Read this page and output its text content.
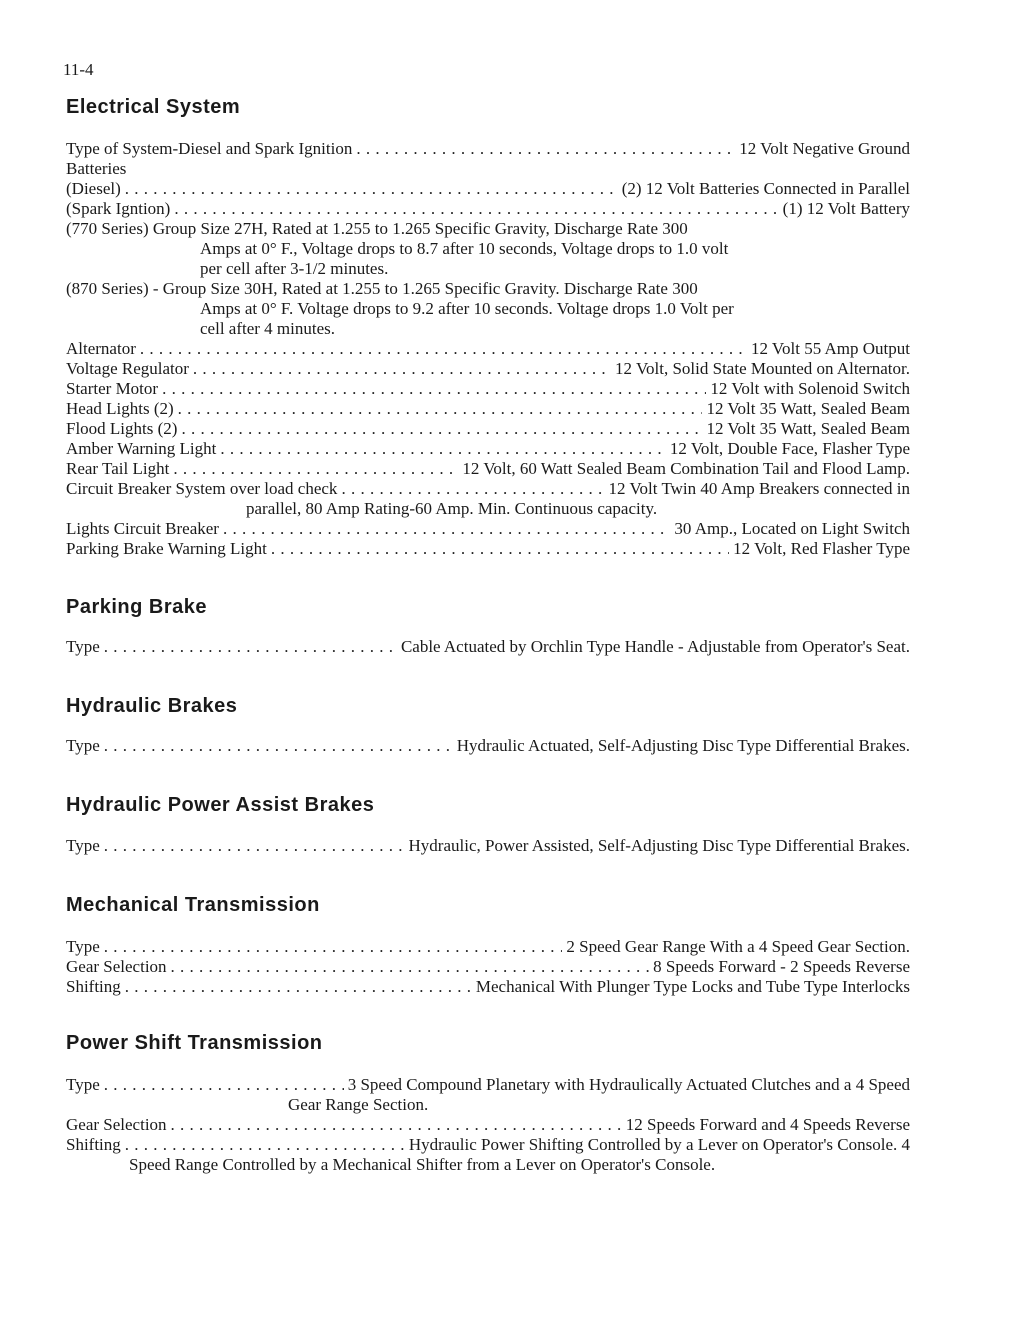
11-4
Electrical System
Type of System-Diesel and Spark Ignition . . .	12 Volt Negative Ground
Batteries
(Diesel) . . .	(2) 12 Volt Batteries Connected in Parallel
(Spark Igntion) . . .	(1) 12 Volt Battery
(770 Series) Group Size 27H, Rated at 1.255 to 1.265 Specific Gravity, Discharge Rate 300
Amps at 0° F., Voltage drops to 8.7 after 10 seconds, Voltage drops to 1.0 volt
per cell after 3-1/2 minutes.
(870 Series) - Group Size 30H, Rated at 1.255 to 1.265 Specific Gravity. Discharge Rate 300
Amps at 0° F. Voltage drops to 9.2 after 10 seconds. Voltage drops 1.0 Volt per
cell after 4 minutes.
Alternator . . .	12 Volt 55 Amp Output
Voltage Regulator . . .	12 Volt, Solid State Mounted on Alternator.
Starter Motor . . .	12 Volt with Solenoid Switch
Head Lights (2) . . .	12 Volt 35 Watt, Sealed Beam
Flood Lights (2) . . .	12 Volt 35 Watt, Sealed Beam
Amber Warning Light . . .	12 Volt, Double Face, Flasher Type
Rear Tail Light . . .	12 Volt, 60 Watt Sealed Beam Combination Tail and Flood Lamp.
Circuit Breaker System over load check . . .	12 Volt Twin 40 Amp Breakers connected in
parallel, 80 Amp Rating-60 Amp. Min. Continuous capacity.
Lights Circuit Breaker . . .	30 Amp., Located on Light Switch
Parking Brake Warning Light . . .	12 Volt, Red Flasher Type
Parking Brake
Type . . .	Cable Actuated by Orchlin Type Handle - Adjustable from Operator's Seat.
Hydraulic Brakes
Type . . .	Hydraulic Actuated, Self-Adjusting Disc Type Differential Brakes.
Hydraulic Power Assist Brakes
Type . . .	Hydraulic, Power Assisted, Self-Adjusting Disc Type Differential Brakes.
Mechanical Transmission
Type . . .	2 Speed Gear Range With a 4 Speed Gear Section.
Gear Selection . . .	8 Speeds Forward - 2 Speeds Reverse
Shifting . . .	Mechanical With Plunger Type Locks and Tube Type Interlocks
Power Shift Transmission
Type . . .	3 Speed Compound Planetary with Hydraulically Actuated Clutches and a 4 Speed
Gear Range Section.
Gear Selection . . .	12 Speeds Forward and 4 Speeds Reverse
Shifting . . .	Hydraulic Power Shifting Controlled by a Lever on Operator's Console. 4
Speed Range Controlled by a Mechanical Shifter from a Lever on Operator's Console.
